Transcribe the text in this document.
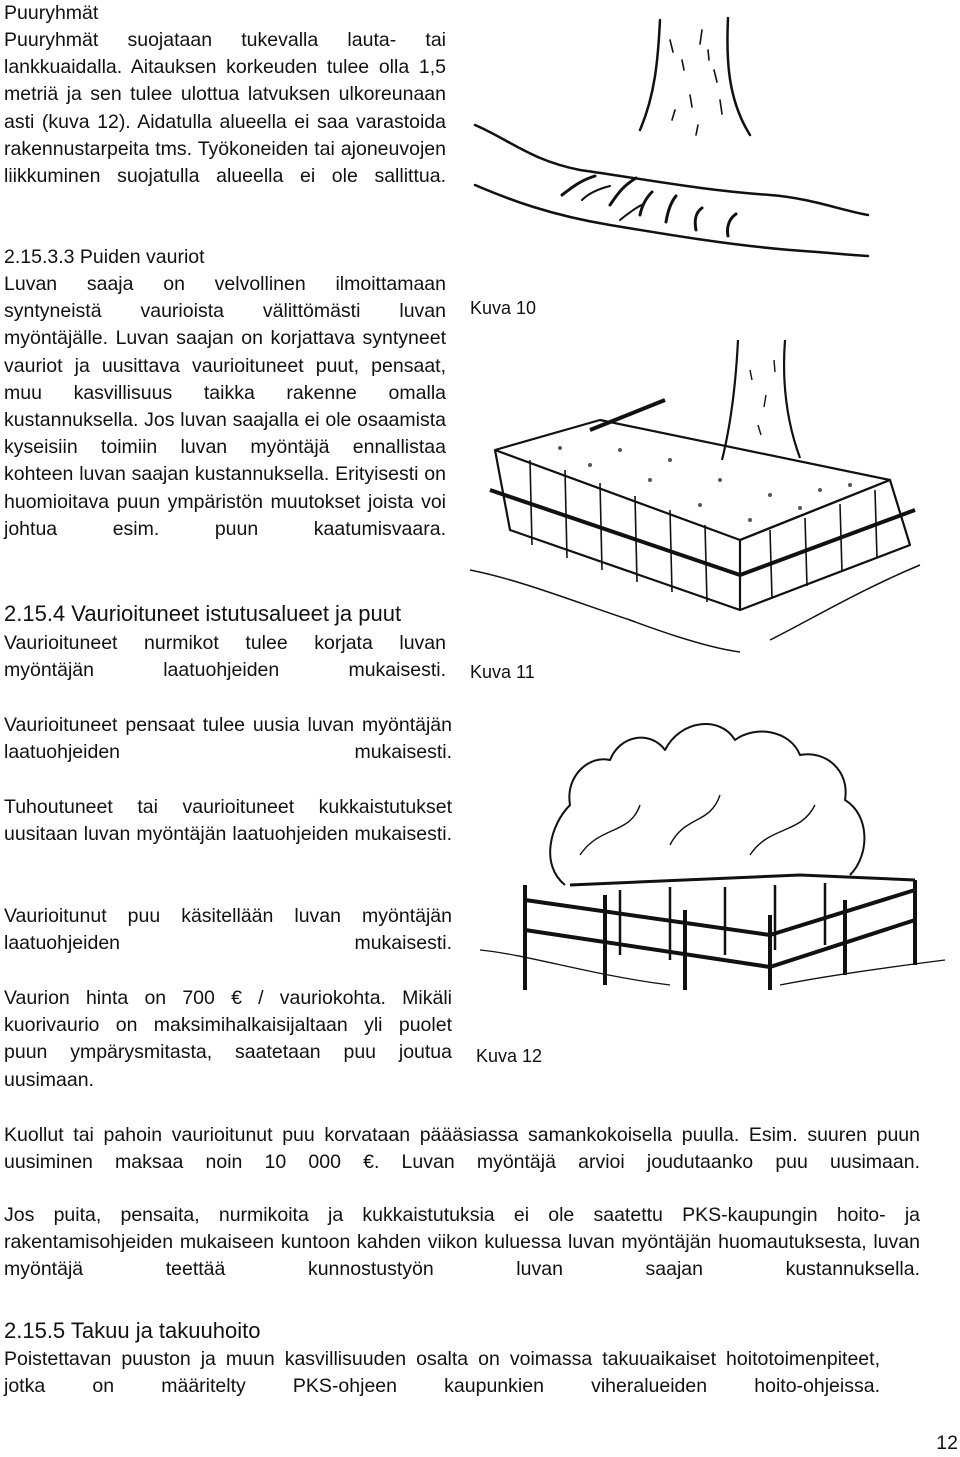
Puuryhmät

Puuryhmät suojataan tukevalla lauta- tai lankkuaidalla. Aitauksen korkeuden tulee olla 1,5 metriä ja sen tulee ulottua latvuksen ulkoreunaan asti (kuva 12). Aidatulla alueella ei saa varastoida rakennustarpeita tms. Työkoneiden tai ajoneuvojen liikkuminen suojatulla alueella ei ole sallittua.

2.15.3.3 Puiden vauriot

Luvan saaja on velvollinen ilmoittamaan syntyneistä vaurioista välittömästi luvan myöntäjälle. Luvan saajan on korjattava syntyneet vauriot ja uusittava vaurioituneet puut, pensaat, muu kasvillisuus taikka rakenne omalla kustannuksella. Jos luvan saajalla ei ole osaamista kyseisiin toimiin luvan myöntäjä ennallistaa kohteen luvan saajan kustannuksella. Erityisesti on huomioitava puun ympäristön muutokset joista voi johtua esim. puun kaatumisvaara.

2.15.4 Vaurioituneet istutusalueet ja puut

Vaurioituneet nurmikot tulee korjata luvan myöntäjän laatuohjeiden mukaisesti.

Vaurioituneet pensaat tulee uusia luvan myöntäjän laatuohjeiden mukaisesti.

Tuhoutuneet tai vaurioituneet kukkaistutukset uusitaan luvan myöntäjän laatuohjeiden mukaisesti.

Vaurioitunut puu käsitellään luvan myöntäjän laatuohjeiden mukaisesti.

Vaurion hinta on 700 € / vauriokohta. Mikäli kuorivaurio on maksimihalkaisijaltaan yli puolet puun ympärysmitasta, saatetaan puu joutua uusimaan.

Kuva 10
Kuva 11
Kuva 12

Kuollut tai pahoin vaurioitunut puu korvataan päääsiassa samankokoisella puulla. Esim. suuren puun uusiminen maksaa noin 10 000 €. Luvan myöntäjä arvioi joudutaanko puu uusimaan.

Jos puita, pensaita, nurmikoita ja kukkaistutuksia ei ole saatettu PKS-kaupungin hoito- ja rakentamisohjeiden mukaiseen kuntoon kahden viikon kuluessa luvan myöntäjän huomautuksesta, luvan myöntäjä teettää kunnostustyön luvan saajan kustannuksella.

2.15.5 Takuu ja takuuhoito

Poistettavan puuston ja muun kasvillisuuden osalta on voimassa takuuaikaiset hoitotoimenpiteet, jotka on määritelty PKS-ohjeen kaupunkien viheralueiden hoito-ohjeissa.

12
